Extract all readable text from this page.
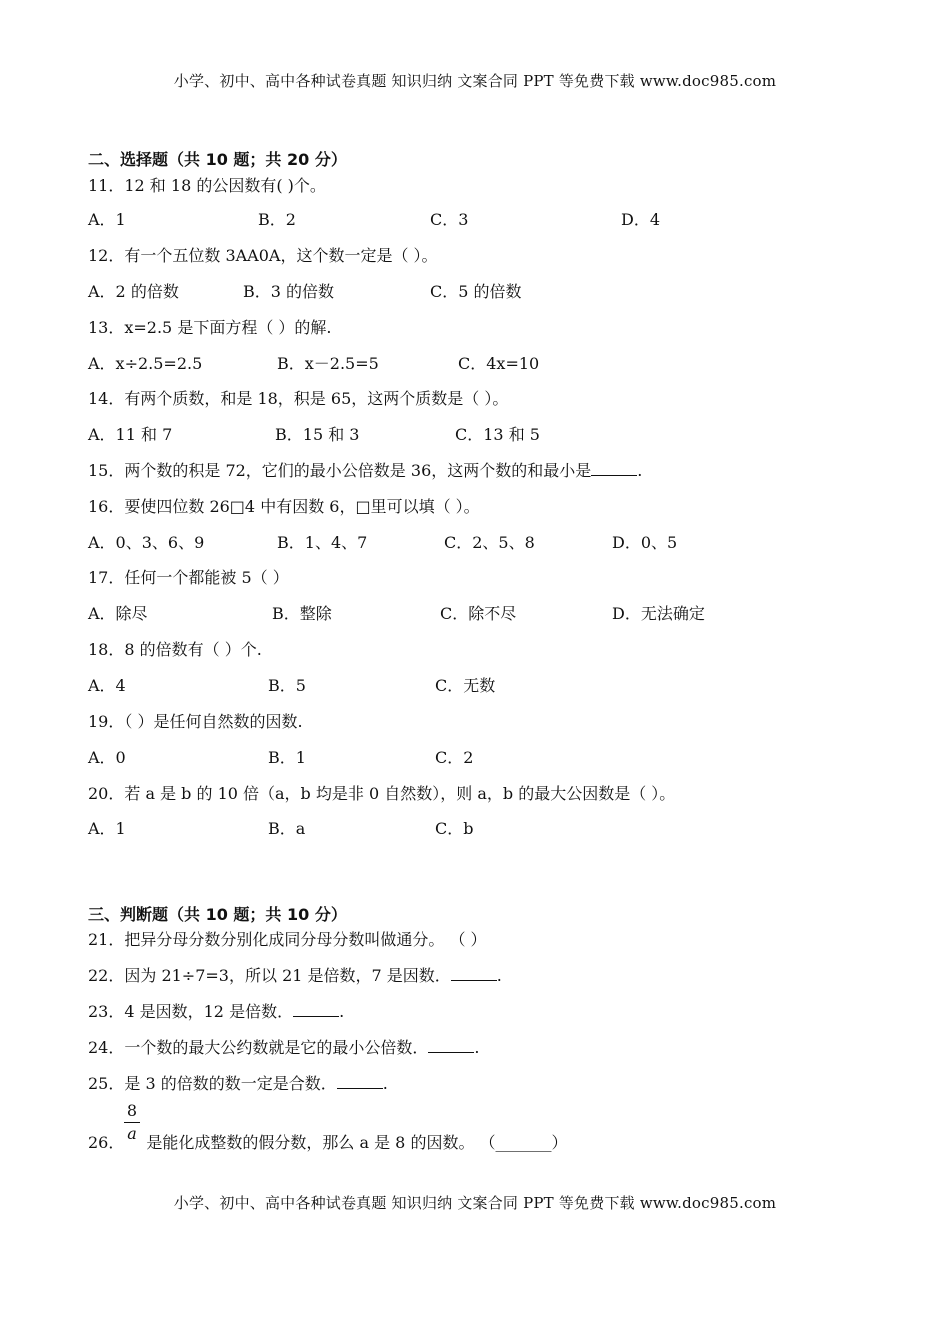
小学、初中、高中各种试卷真题 知识归纳 文案合同 PPT 等免费下载 www.doc985.com
二、选择题（共 10 题；共 20 分）
11．12 和 18 的公因数有( )个。
A．1	B．2	C．3	D．4
12．有一个五位数 3AA0A，这个数一定是（ ）。
A．2 的倍数	B．3 的倍数	C．5 的倍数
13．x=2.5 是下面方程（ ）的解.
A．x÷2.5=2.5	B．x－2.5=5	C．4x=10
14．有两个质数，和是 18，积是 65，这两个质数是（ ）。
A．11 和 7	B．15 和 3	C．13 和 5
15．两个数的积是 72，它们的最小公倍数是 36，这两个数的和最小是	.
16．要使四位数 26□4 中有因数 6，□里可以填（ ）。
A．0、3、6、9	B．1、4、7	C．2、5、8	D．0、5
17．任何一个都能被 5（ ）
A．除尽	B．整除	C．除不尽	D．无法确定
18．8 的倍数有（ ）个.
A．4	B．5	C．无数
19．（ ）是任何自然数的因数.
A．0	B．1	C．2
20．若 a 是 b 的 10 倍（a，b 均是非 0 自然数），则 a，b 的最大公因数是（ ）。
A．1	B．a	C．b
三、判断题（共 10 题；共 10 分）
21．把异分母分数分别化成同分母分数叫做通分。 （ ）
22．因为 21÷7=3，所以 21 是倍数，7 是因数．	.
23．4 是因数，12 是倍数．	.
24．一个数的最大公约数就是它的最小公倍数．	.
25．是 3 的倍数的数一定是合数．	.
8
a
26． 是能化成整数的假分数，那么 a 是 8 的因数。 （_______）
小学、初中、高中各种试卷真题 知识归纳 文案合同 PPT 等免费下载 www.doc985.com
